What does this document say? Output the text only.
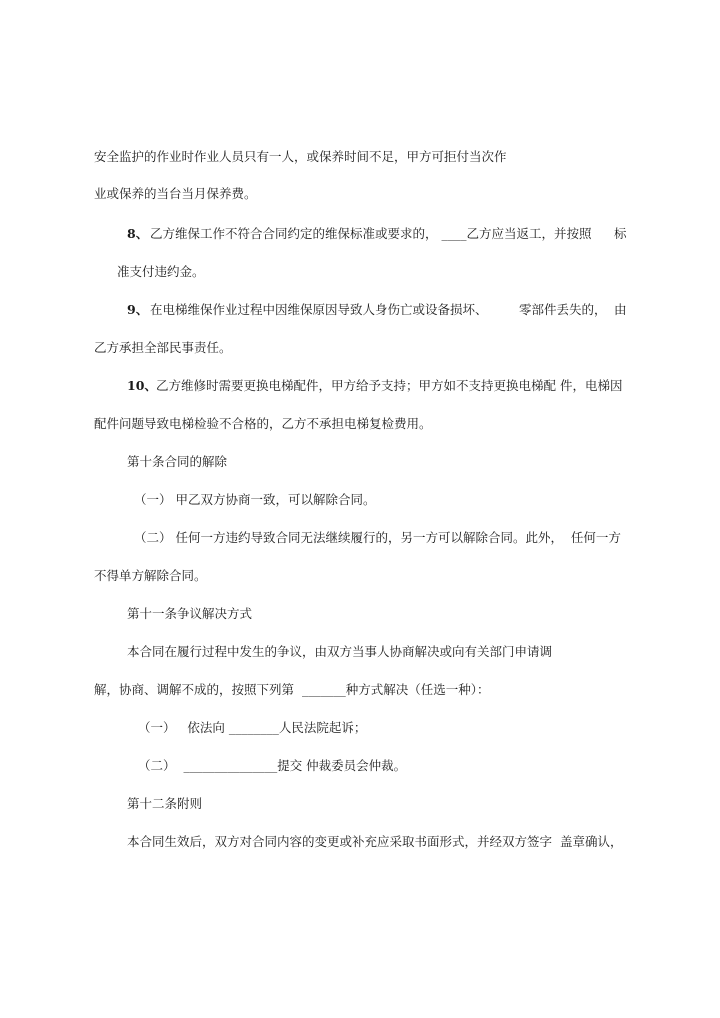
安全监护的作业时作业人员只有一人，或保养时间不足，甲方可拒付当次作
业或保养的当台当月保养费。
8、 乙方维保工作不符合合同约定的维保标准或要求的， ____乙方应当返工，并按照 标
准支付违约金。
9、 在电梯维保作业过程中因维保原因导致人身伤亡或设备损坏、	零部件丢失的， 由
乙方承担全部民事责任。
10、 乙方维修时需要更换电梯配件，甲方给予支持；甲方如不支持更换电梯配 件，电梯因
配件问题导致电梯检验不合格的，乙方不承担电梯复检费用。
第十条合同的解除
（一） 甲乙双方协商一致，可以解除合同。
（二） 任何一方违约导致合同无法继续履行的，另一方可以解除合同。此外，  任何一方
不得单方解除合同。
第十一条争议解决方式
本合同在履行过程中发生的争议，由双方当事人协商解决或向有关部门申请调
解，协商、调解不成的，按照下列第  _______种方式解决（任选一种）：
（一）   依法向 ________人民法院起诉；
（二）  _______________提交 仲裁委员会仲裁。
第十二条附则
本合同生效后，双方对合同内容的变更或补充应采取书面形式，并经双方签字  盖章确认，
